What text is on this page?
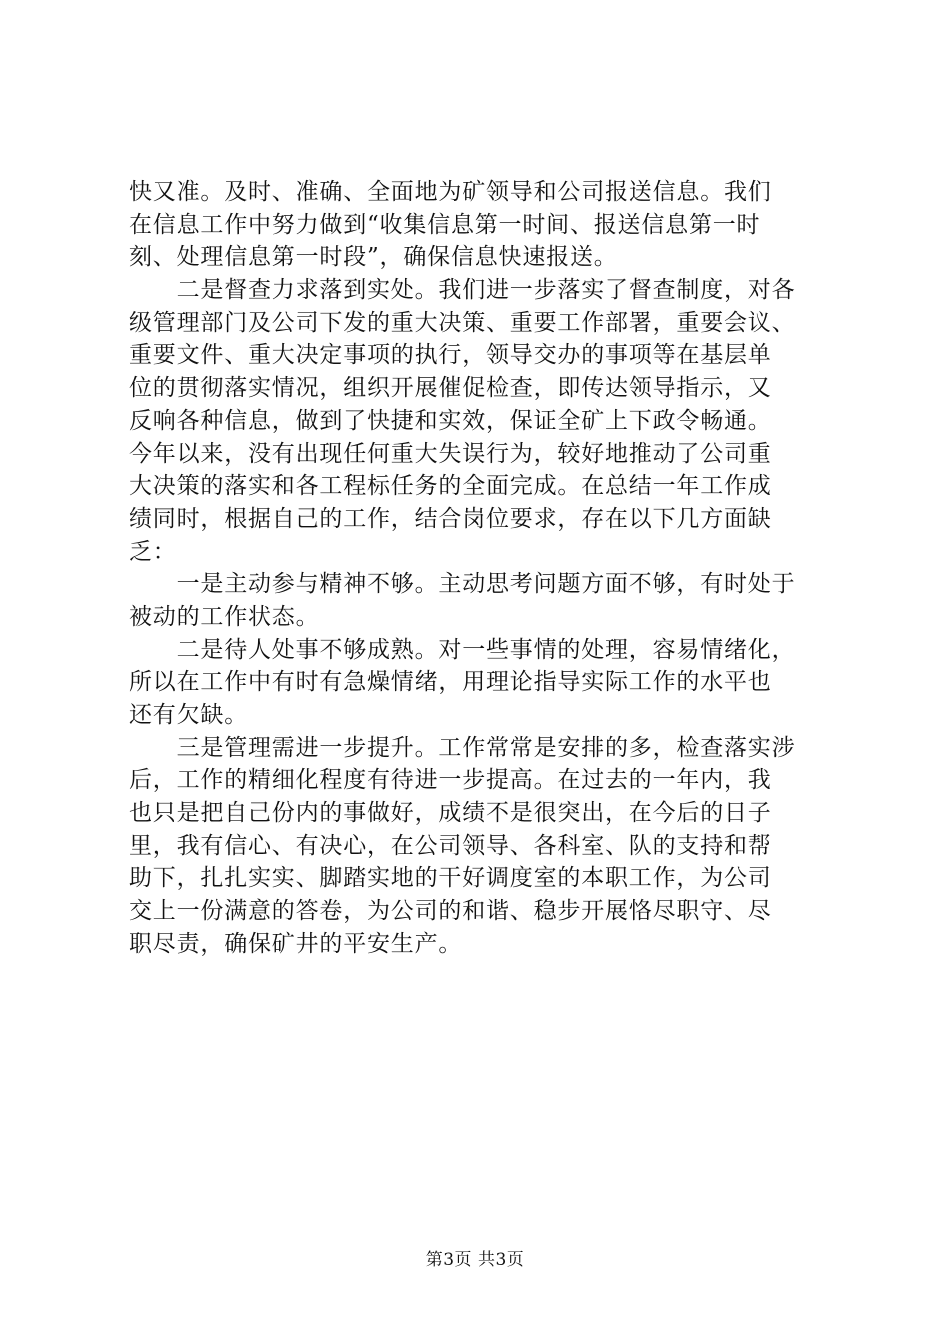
快又准。及时、准确、全面地为矿领导和公司报送信息。我们
在信息工作中努力做到“收集信息第一时间、报送信息第一时
刻、处理信息第一时段”，确保信息快速报送。
　　二是督查力求落到实处。我们进一步落实了督查制度，对各
级管理部门及公司下发的重大决策、重要工作部署，重要会议、
重要文件、重大决定事项的执行，领导交办的事项等在基层单
位的贯彻落实情况，组织开展催促检查，即传达领导指示，又
反响各种信息，做到了快捷和实效，保证全矿上下政令畅通。
今年以来，没有出现任何重大失误行为，较好地推动了公司重
大决策的落实和各工程标任务的全面完成。在总结一年工作成
绩同时，根据自己的工作，结合岗位要求，存在以下几方面缺
乏：
　　一是主动参与精神不够。主动思考问题方面不够，有时处于
被动的工作状态。
　　二是待人处事不够成熟。对一些事情的处理，容易情绪化，
所以在工作中有时有急燥情绪，用理论指导实际工作的水平也
还有欠缺。
　　三是管理需进一步提升。工作常常是安排的多，检查落实涉
后，工作的精细化程度有待进一步提高。在过去的一年内，我
也只是把自己份内的事做好，成绩不是很突出，在今后的日子
里，我有信心、有决心，在公司领导、各科室、队的支持和帮
助下，扎扎实实、脚踏实地的干好调度室的本职工作，为公司
交上一份满意的答卷，为公司的和谐、稳步开展恪尽职守、尽
职尽责，确保矿井的平安生产。
第3页 共3页
